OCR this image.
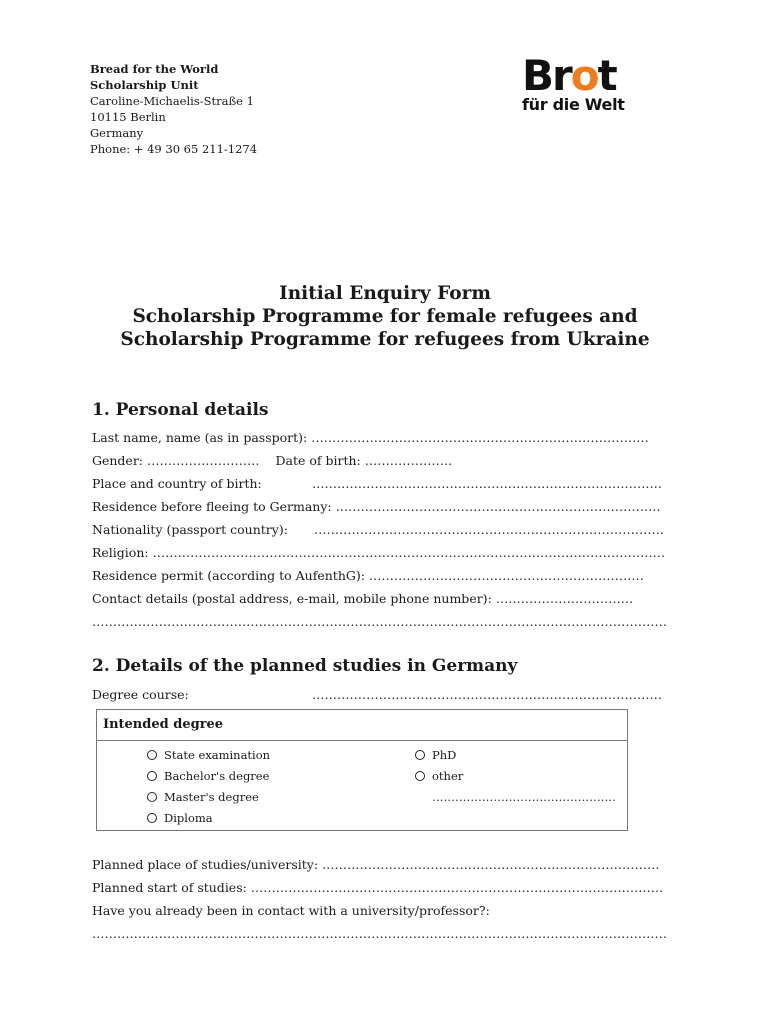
Bread for the World
Scholarship Unit
Caroline-Michaelis-Straße 1
10115 Berlin
Germany
Phone: + 49 30 65 211-1274
Brot
für die Welt
Initial Enquiry Form
Scholarship Programme for female refugees and
Scholarship Programme for refugees from Ukraine
1. Personal details
Last name, name (as in passport): ………………………………………………………………………
Gender: ……………………… Date of birth: …………………
Place and country of birth:	…………………………………………………………………………
Residence before fleeing to Germany: ……………………………………………………………………
Nationality (passport country): …………………………………………………………………………
Religion: ……………………………………………………………………………………………………………
Residence permit (according to AufenthG): …………………………………………………………
Contact details (postal address, e-mail, mobile phone number): ……………………………
…………………………………………………………………………………………………………………………
2. Details of the planned studies in Germany
Degree course:	…………………………………………………………………………
Intended degree
State examination
Bachelor's degree
Master's degree
Diploma
PhD
other
…………………………………………
Planned place of studies/university: ………………………………………………………………………
Planned start of studies: ………………………………………………………………………………………
Have you already been in contact with a university/professor?:
…………………………………………………………………………………………………………………………
